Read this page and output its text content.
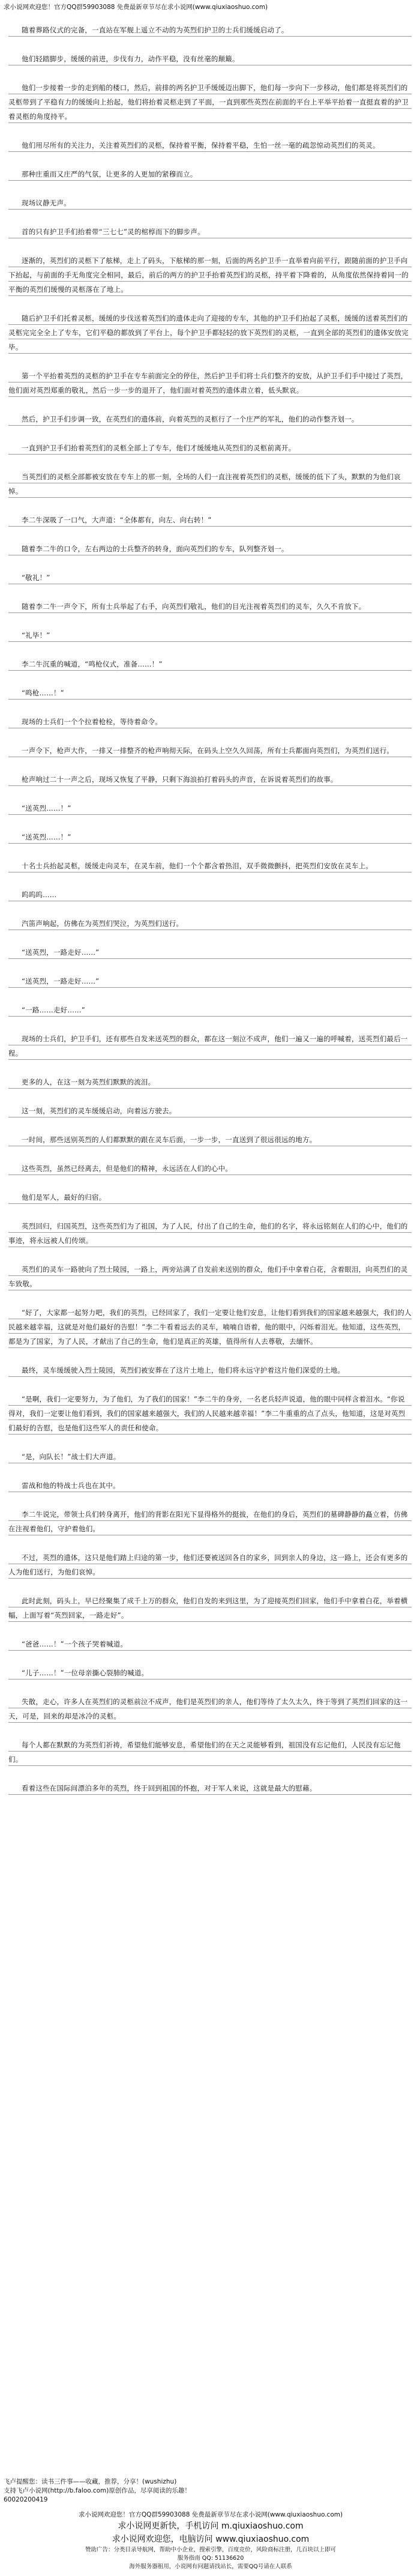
求小说网欢迎您！官方QQ群59903088 免费最新章节尽在求小说网(www.qiuxiaoshuo.com)

随着葬路仪式的完备，一直站在军舰上遥立不动的为英烈们护卫的士兵们缓缓启动了。

他们轻踏脚步，缓缓的前进，步伐有力，动作平稳，没有丝毫的颠簸。

他们一步接着一步的走到船的楼口，然后，前排的两名护卫手缓缓迈出脚下，他们每一步向下一步移动，他们都是将英烈们的灵柩带到了平稳有力的缓缓向上抬起，他们将抬着灵柩走到了平面，一直到那些英烈在前面的平台上平举平抬着一直挺直着的护卫着灵柩的角度持平。

他们用尽所有的关注力，关注着英烈们的灵柩，保持着平衡，保持着平稳，生怕一丝一毫的疏忽惊动英烈们的英灵。

那种庄重而又庄严的气氛，让更多的人更加的紧穆而立。

现场议静无声。

首的只有护卫手们抬着带“三七七”灵的棺椁而下的脚步声。

逐渐的，英烈们的灵柩下了舷梯，走上了码头，下舷梯的那一刻，后面的两名护卫手一直举着向前平行，跟随前面的护卫手向下抬起，与前面的手无角度完全相同，最后，前后的两方的护卫手抬着英烈们的灵柩，持平着下降着的，从角度依然保持着同一的平衡的英烈们缓慢的灵柩落在了地上。

随后护卫手们托着灵柩，缓缓的步伐送着英烈们的遗体走向了迎接的专车，其他的护卫手们抬起了灵柩，缓缓的送着英烈们的灵柩完完全全上了专车，它们平稳的都放到了平台上，每个护卫手都轻轻的放下英烈们的灵柩，一直到全部的英烈们的遗体安放完毕。

第一个平抬着英烈的灵柩的护卫手在专车前面完全的停住，然后护卫手们将士兵们整齐的安放，从护卫手们手中接过了英烈，他们面对英烈郑重的敬礼，然后一步一步的退开了，他们面对着英烈的遗体肃立着，低头默哀。

然后，护卫手们步调一致，在英烈们的遗体前，向着英烈的灵柩行了一个庄严的军礼，他们的动作整齐划一。

一直到护卫手们抬着英烈们的灵柩全部上了专车，他们才缓缓地从英烈们的灵柩前离开。

当英烈们的灵柩全部都被安放在专车上的那一刻，全场的人们一直注视着英烈们的灵柩，缓缓的低下了头，默默的为他们哀悼。

李二牛深吸了一口气，大声道：“全体都有，向左、向右转！”

随着李二牛的口令，左右两边的士兵整齐的转身，面向英烈们的专车，队列整齐划一。

“敬礼！”

随着李二牛一声令下，所有士兵举起了右手，向英烈们敬礼，他们的目光注视着英烈们的灵车，久久不肯放下。

“礼毕！”

李二牛沉重的喊道，“鸣枪仪式，准备……！”

“鸣枪……！”

现场的士兵们一个个拉着枪栓，等待着命令。

一声令下，枪声大作，一排又一排整齐的枪声响彻天际，在码头上空久久回荡，所有士兵都面向英烈们，为英烈们送行。

枪声响过二十一声之后，现场又恢复了平静，只剩下海浪拍打着码头的声音，在诉说着英烈们的故事。

“送英烈……！”

“送英烈……！”

十名士兵抬起灵柩，缓缓走向灵车，在灵车前，他们一个个都含着热泪，双手微微颤抖，把英烈们安放在灵车上。

呜呜呜……

汽笛声响起，仿佛在为英烈们哭泣，为英烈们送行。

“送英烈，一路走好……”

“送英烈，一路走好……”

“一路……走好……”

现场的士兵们，护卫手们，还有那些自发来送英烈的群众，都在这一刻泣不成声，他们一遍又一遍的呼喊着，送英烈们最后一程。

更多的人，在这一刻为英烈们默默的流泪。

这一刻，英烈们的灵车缓缓启动，向着远方驶去。

一时间，那些送别英烈的人们都默默的跟在灵车后面，一步一步，一直送到了很远很远的地方。

这些英烈，虽然已经离去，但是他们的精神，永远活在人们的心中。

他们是军人，最好的归宿。

英烈回归，归国英烈，这些英烈们为了祖国，为了人民，付出了自己的生命，他们的名字，将永远铭刻在人们的心中，他们的事迹，将永远被人们传颂。

英烈们的灵车一路驶向了烈士陵园，一路上，两旁站满了自发前来送别的群众，他们手中拿着白花，含着眼泪，向英烈们的灵车致敬。

“好了，大家都一起努力吧，我们的英烈，已经回家了，我们一定要让他们安息，让他们看到我们的国家越来越强大，我们的人民越来越幸福，这就是对他们最好的告慰！”李二牛看着远去的灵车，喃喃自语着，他的眼中，闪烁着泪光。他知道，这些英烈，都是为了国家，为了人民，才献出了自己的生命，他们是真正的英雄，值得所有人去尊敬，去缅怀。

最终，灵车缓缓驶入烈士陵园，英烈们被安葬在了这片土地上，他们将永远守护着这片他们深爱的土地。

“是啊，我们一定要努力，为了他们，为了我们的国家！”李二牛的身旁，一名老兵轻声说道，他的眼中同样含着泪水。“你说得对，我们一定要让他们看到，我们的国家越来越强大，我们的人民越来越幸福！”李二牛重重的点了点头，他知道，这是对英烈们最好的告慰，也是他们这些军人的责任和使命。

“是，向队长！”战士们大声道。

雷战和他的特战士兵也在其中。

李二牛说完，带领士兵们转身离开，他们的背影在阳光下显得格外的挺拔，在他们的身后，英烈们的墓碑静静的矗立着，仿佛在注视着他们，守护着他们。

不过，英烈的遗体，这只是他们踏上归途的第一步，他们还要被送回各自的家乡，回到亲人的身边，这一路上，还会有更多的人为他们送行，为他们哀悼。

此时此刻，码头上，早已经聚集了成千上万的群众，他们自发的来到这里，为了迎接英烈们回家，他们手中拿着白花，举着横幅，上面写着“英烈回家，一路走好”。

“爸爸……！”一个孩子哭着喊道。

“儿子……！”一位母亲撕心裂肺的喊道。

失散，走心，许多人在英烈们的灵柩前泣不成声，他们是英烈们的亲人，他们等待了太久太久，终于等到了英烈们回家的这一天，可是，回来的却是冰冷的灵柩。

每个人都在默默的为英烈们祈祷，希望他们能够安息，希望他们的在天之灵能够看到，祖国没有忘记他们，人民没有忘记他们。

看着这些在国际间漂泊多年的英烈，终于回到祖国的怀抱，对于军人来说，这就是最大的慰藉。

飞卢提醒您：读书三件事——收藏，推荐，分享！(wushizhu)
支持飞卢小说网(http://b.faloo.com)原创作品，尽享阅读的乐趣！
60020200419
求小说网欢迎您！官方QQ群59903088 免费最新章节尽在求小说网(www.qiuxiaoshuo.com)
求小说网更新快，手机访问 m.qiuxiaoshuo.com
求小说网欢迎您，电脑访问 www.qiuxiaoshuo.com
赞助广告：分类目录导航网，帮助中小企业，搜索引擎，百度竞价，风险商标注册，几百块以上即可
服务指南 QQ: 51136620
海外服务器租用，小说网有问题请找站长，需要QQ号请在人联系
